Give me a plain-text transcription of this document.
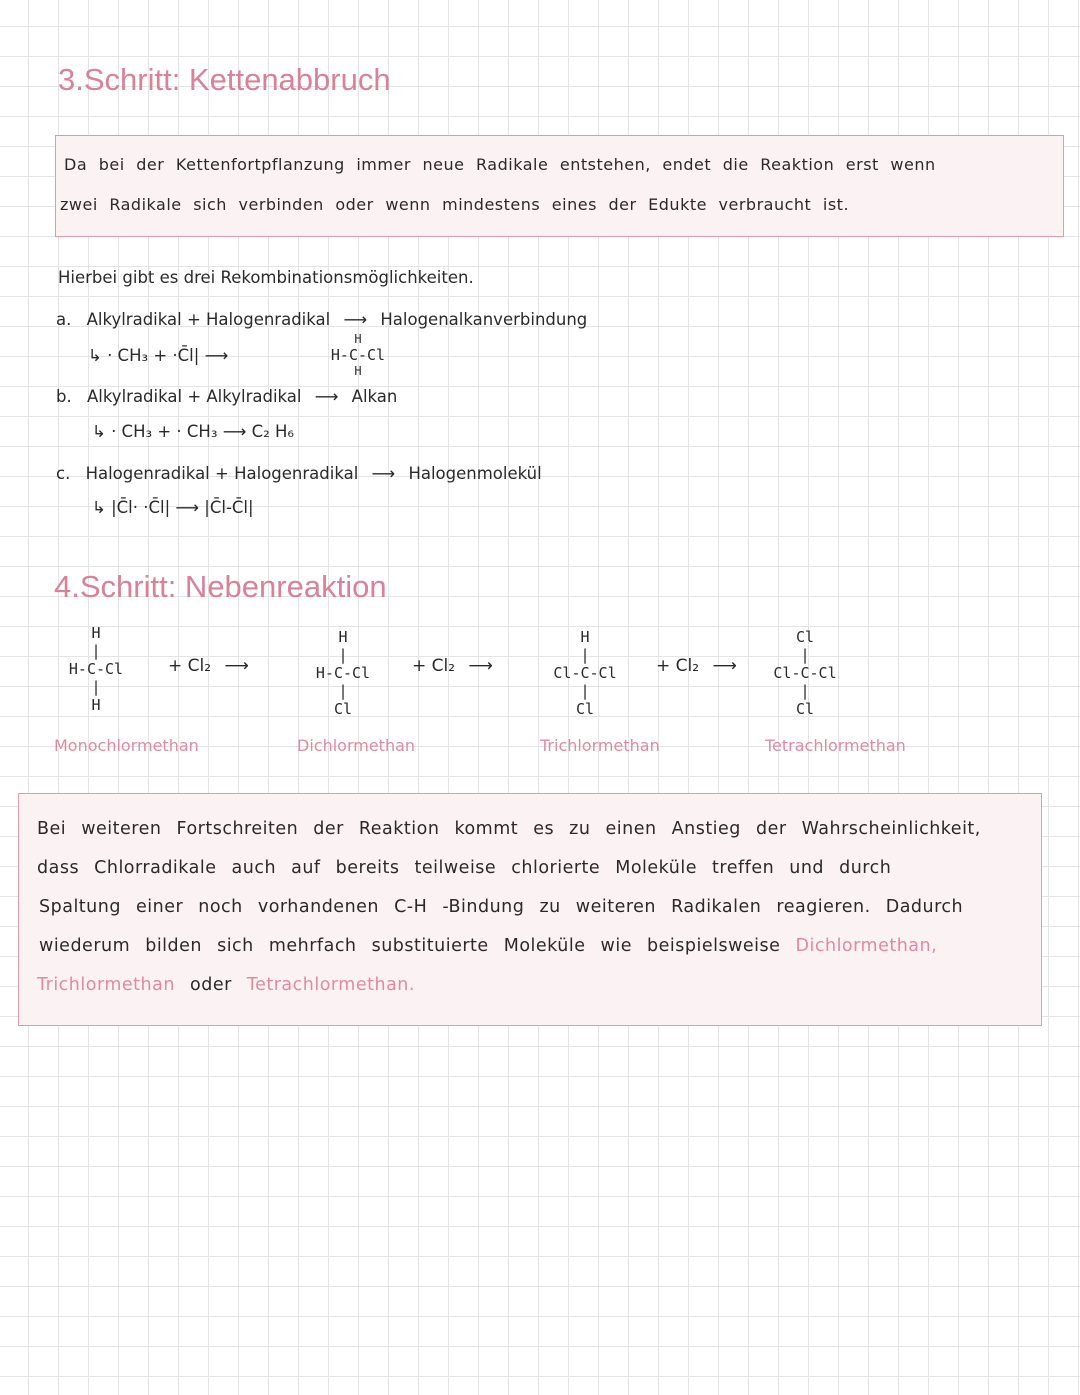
3.Schritt: Kettenabbruch
Da bei der Kettenfortpflanzung immer neue Radikale entstehen, endet die Reaktion erst wenn
zwei Radikale sich verbinden oder wenn mindestens eines der Edukte verbraucht ist.
Hierbei gibt es drei Rekombinationsmöglichkeiten.
a. Alkylradikal + Halogenradikal ⟶ Halogenalkanverbindung
↳ · CH₃ + ·C̄l| ⟶
H
H-C-Cl
H
b. Alkylradikal + Alkylradikal ⟶ Alkan
↳ · CH₃ + · CH₃ ⟶ C₂ H₆
c. Halogenradikal + Halogenradikal ⟶ Halogenmolekül
↳ |C̄l· ·C̄l| ⟶ |C̄l-C̄l|
4.Schritt: Nebenreaktion
H
|
H-C-Cl
|
H
+ Cl₂ ⟶
H
|
H-C-Cl
|
Cl
+ Cl₂ ⟶
H
|
Cl-C-Cl
|
Cl
+ Cl₂ ⟶
Cl
|
Cl-C-Cl
|
Cl
Monochlormethan	Dichlormethan	Trichlormethan	Tetrachlormethan
Bei weiteren Fortschreiten der Reaktion kommt es zu einen Anstieg der Wahrscheinlichkeit,
dass Chlorradikale auch auf bereits teilweise chlorierte Moleküle treffen und durch
Spaltung einer noch vorhandenen C-H -Bindung zu weiteren Radikalen reagieren. Dadurch
wiederum bilden sich mehrfach substituierte Moleküle wie beispielsweise Dichlormethan,
Trichlormethan oder Tetrachlormethan.
